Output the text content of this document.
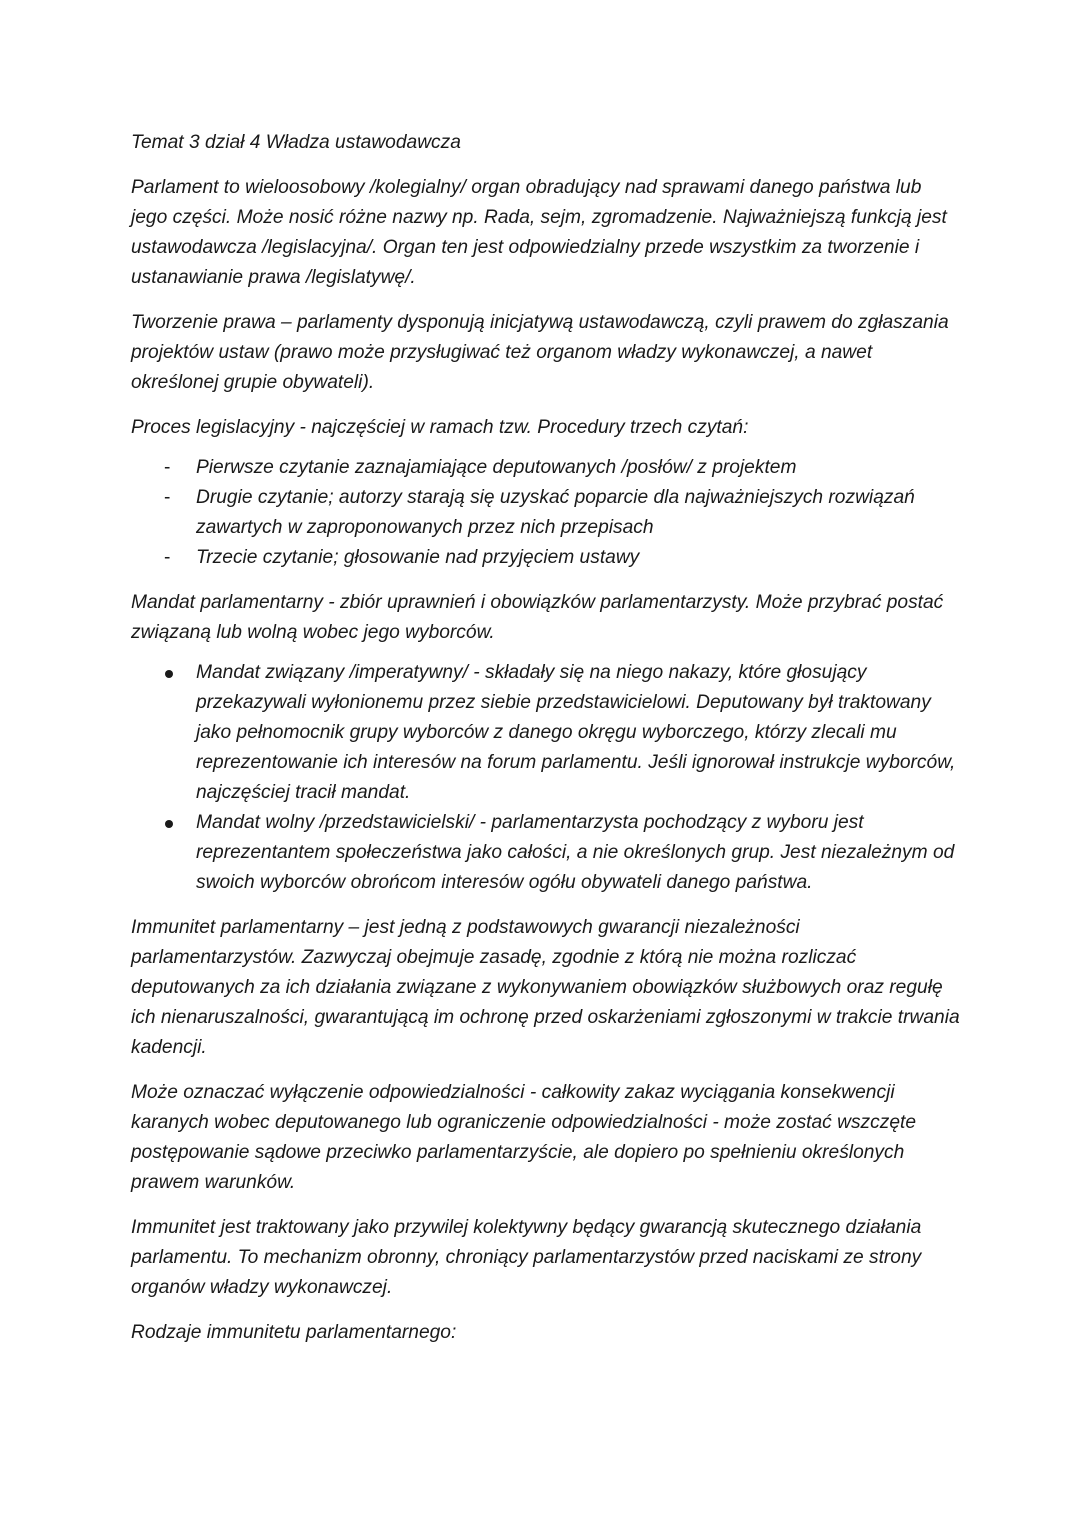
Temat 3 dział 4 Władza ustawodawcza

Parlament to wieloosobowy /kolegialny/ organ obradujący nad sprawami danego państwa lub jego części. Może nosić różne nazwy np. Rada, sejm, zgromadzenie. Najważniejszą funkcją jest ustawodawcza /legislacyjna/. Organ ten jest odpowiedzialny przede wszystkim za tworzenie i ustanawianie prawa /legislatywę/.

Tworzenie prawa – parlamenty dysponują inicjatywą ustawodawczą, czyli prawem do zgłaszania projektów ustaw (prawo może przysługiwać też organom władzy wykonawczej, a nawet określonej grupie obywateli).

Proces legislacyjny - najczęściej w ramach tzw. Procedury trzech czytań:

- Pierwsze czytanie zaznajamiające deputowanych /posłów/ z projektem
- Drugie czytanie; autorzy starają się uzyskać poparcie dla najważniejszych rozwiązań zawartych w zaproponowanych przez nich przepisach
- Trzecie czytanie; głosowanie nad przyjęciem ustawy

Mandat parlamentarny - zbiór uprawnień i obowiązków parlamentarzysty. Może przybrać postać związaną lub wolną wobec jego wyborców.

Mandat związany /imperatywny/ - składały się na niego nakazy, które głosujący przekazywali wyłonionemu przez siebie przedstawicielowi. Deputowany był traktowany jako pełnomocnik grupy wyborców z danego okręgu wyborczego, którzy zlecali mu reprezentowanie ich interesów na forum parlamentu. Jeśli ignorował instrukcje wyborców, najczęściej tracił mandat.
Mandat wolny /przedstawicielski/ - parlamentarzysta pochodzący z wyboru jest reprezentantem społeczeństwa jako całości, a nie określonych grup. Jest niezależnym od swoich wyborców obrońcom interesów ogółu obywateli danego państwa.

Immunitet parlamentarny – jest jedną z podstawowych gwarancji niezależności parlamentarzystów. Zazwyczaj obejmuje zasadę, zgodnie z którą nie można rozliczać deputowanych za ich działania związane z wykonywaniem obowiązków służbowych oraz regułę ich nienaruszalności, gwarantującą im ochronę przed oskarżeniami zgłoszonymi w trakcie trwania kadencji.

Może oznaczać wyłączenie odpowiedzialności - całkowity zakaz wyciągania konsekwencji karanych wobec deputowanego lub ograniczenie odpowiedzialności - może zostać wszczęte postępowanie sądowe przeciwko parlamentarzyście, ale dopiero po spełnieniu określonych prawem warunków.

Immunitet jest traktowany jako przywilej kolektywny będący gwarancją skutecznego działania parlamentu. To mechanizm obronny, chroniący parlamentarzystów przed naciskami ze strony organów władzy wykonawczej.

Rodzaje immunitetu parlamentarnego:
